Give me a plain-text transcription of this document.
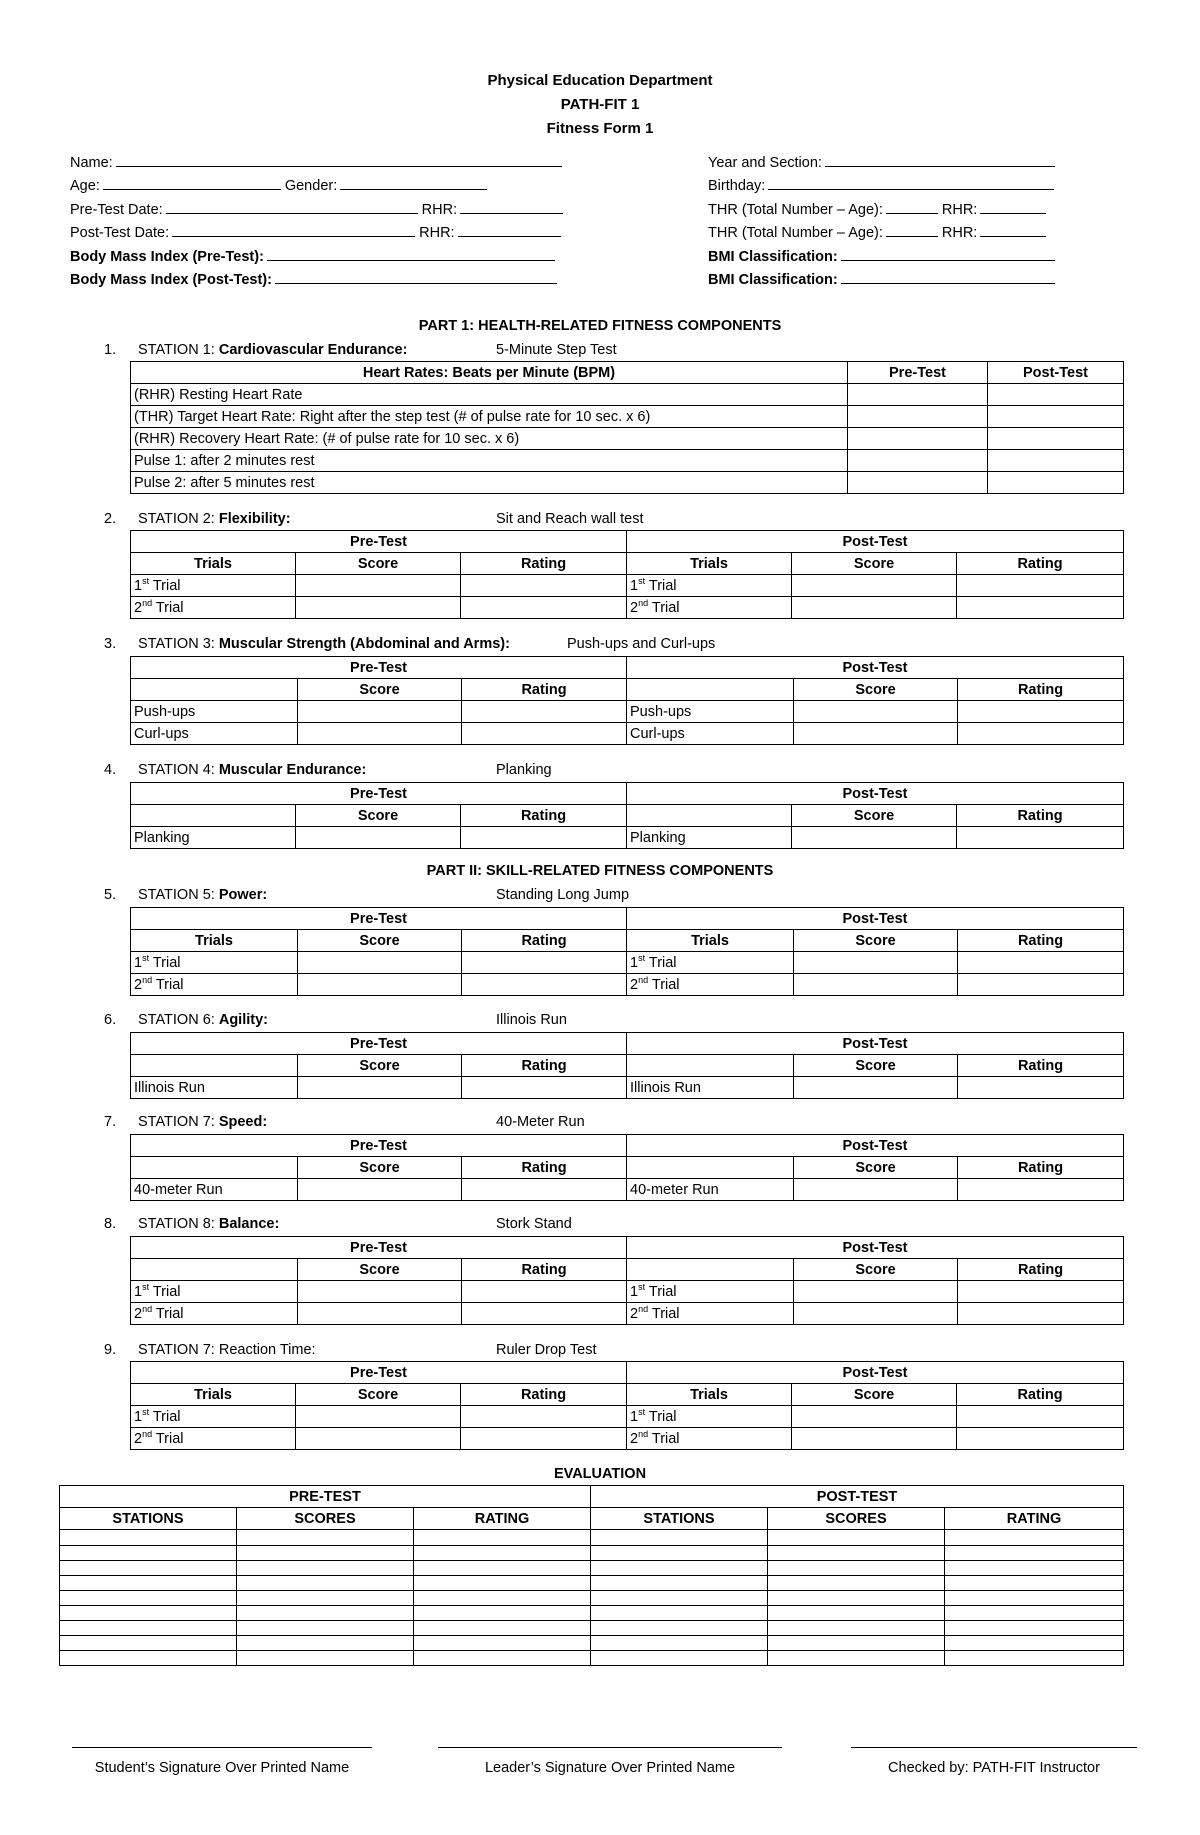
Physical Education Department
PATH-FIT 1
Fitness Form 1
Name:
Age:	Gender:
Pre-Test Date:	RHR:
Post-Test Date:	RHR:
Body Mass Index (Pre-Test):
Body Mass Index (Post-Test):
Year and Section:
Birthday:
THR (Total Number – Age):	RHR:
THR (Total Number – Age):	RHR:
BMI Classification:
BMI Classification:
PART 1: HEALTH-RELATED FITNESS COMPONENTS
1. STATION 1: Cardiovascular Endurance:	5-Minute Step Test
Heart Rates: Beats per Minute (BPM)	Pre-Test	Post-Test
(RHR) Resting Heart Rate		
(THR) Target Heart Rate: Right after the step test (# of pulse rate for 10 sec. x 6)		
(RHR) Recovery Heart Rate: (# of pulse rate for 10 sec. x 6)		
Pulse 1: after 2 minutes rest		
Pulse 2: after 5 minutes rest		
2. STATION 2: Flexibility:	Sit and Reach wall test
Pre-Test			Post-Test		
Trials	Score	Rating	Trials	Score	Rating
1st Trial			1st Trial		
2nd Trial			2nd Trial		
3. STATION 3: Muscular Strength (Abdominal and Arms):	Push-ups and Curl-ups
Pre-Test			Post-Test		
	Score	Rating		Score	Rating
Push-ups			Push-ups		
Curl-ups			Curl-ups		
4. STATION 4: Muscular Endurance:	Planking
Pre-Test			Post-Test		
	Score	Rating		Score	Rating
Planking			Planking		
PART II: SKILL-RELATED FITNESS COMPONENTS
5. STATION 5: Power:	Standing Long Jump
Pre-Test			Post-Test		
Trials	Score	Rating	Trials	Score	Rating
1st Trial			1st Trial		
2nd Trial			2nd Trial		
6. STATION 6: Agility:	Illinois Run
Pre-Test			Post-Test		
	Score	Rating		Score	Rating
Illinois Run			Illinois Run		
7. STATION 7: Speed:	40-Meter Run
Pre-Test			Post-Test		
	Score	Rating		Score	Rating
40-meter Run			40-meter Run		
8. STATION 8: Balance:	Stork Stand
Pre-Test			Post-Test		
	Score	Rating		Score	Rating
1st Trial			1st Trial		
2nd Trial			2nd Trial		
9. STATION 7: Reaction Time:	Ruler Drop Test
Pre-Test			Post-Test		
Trials	Score	Rating	Trials	Score	Rating
1st Trial			1st Trial		
2nd Trial			2nd Trial		
EVALUATION
PRE-TEST			POST-TEST		
STATIONS	SCORES	RATING	STATIONS	SCORES	RATING

Student’s Signature Over Printed Name	Leader’s Signature Over Printed Name	Checked by: PATH-FIT Instructor
